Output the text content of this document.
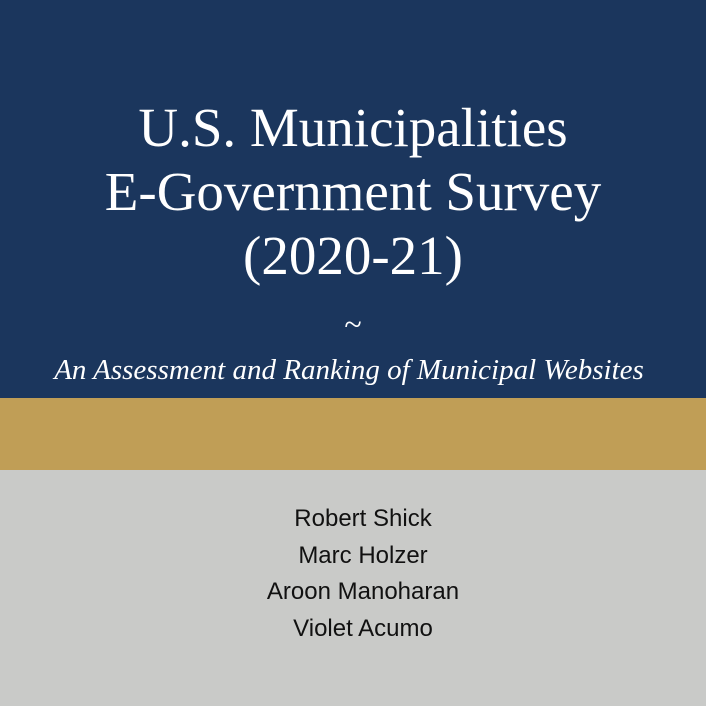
U.S. Municipalities
E-Government Survey
(2020-21)
~
An Assessment and Ranking of Municipal Websites
Robert Shick
Marc Holzer
Aroon Manoharan
Violet Acumo
